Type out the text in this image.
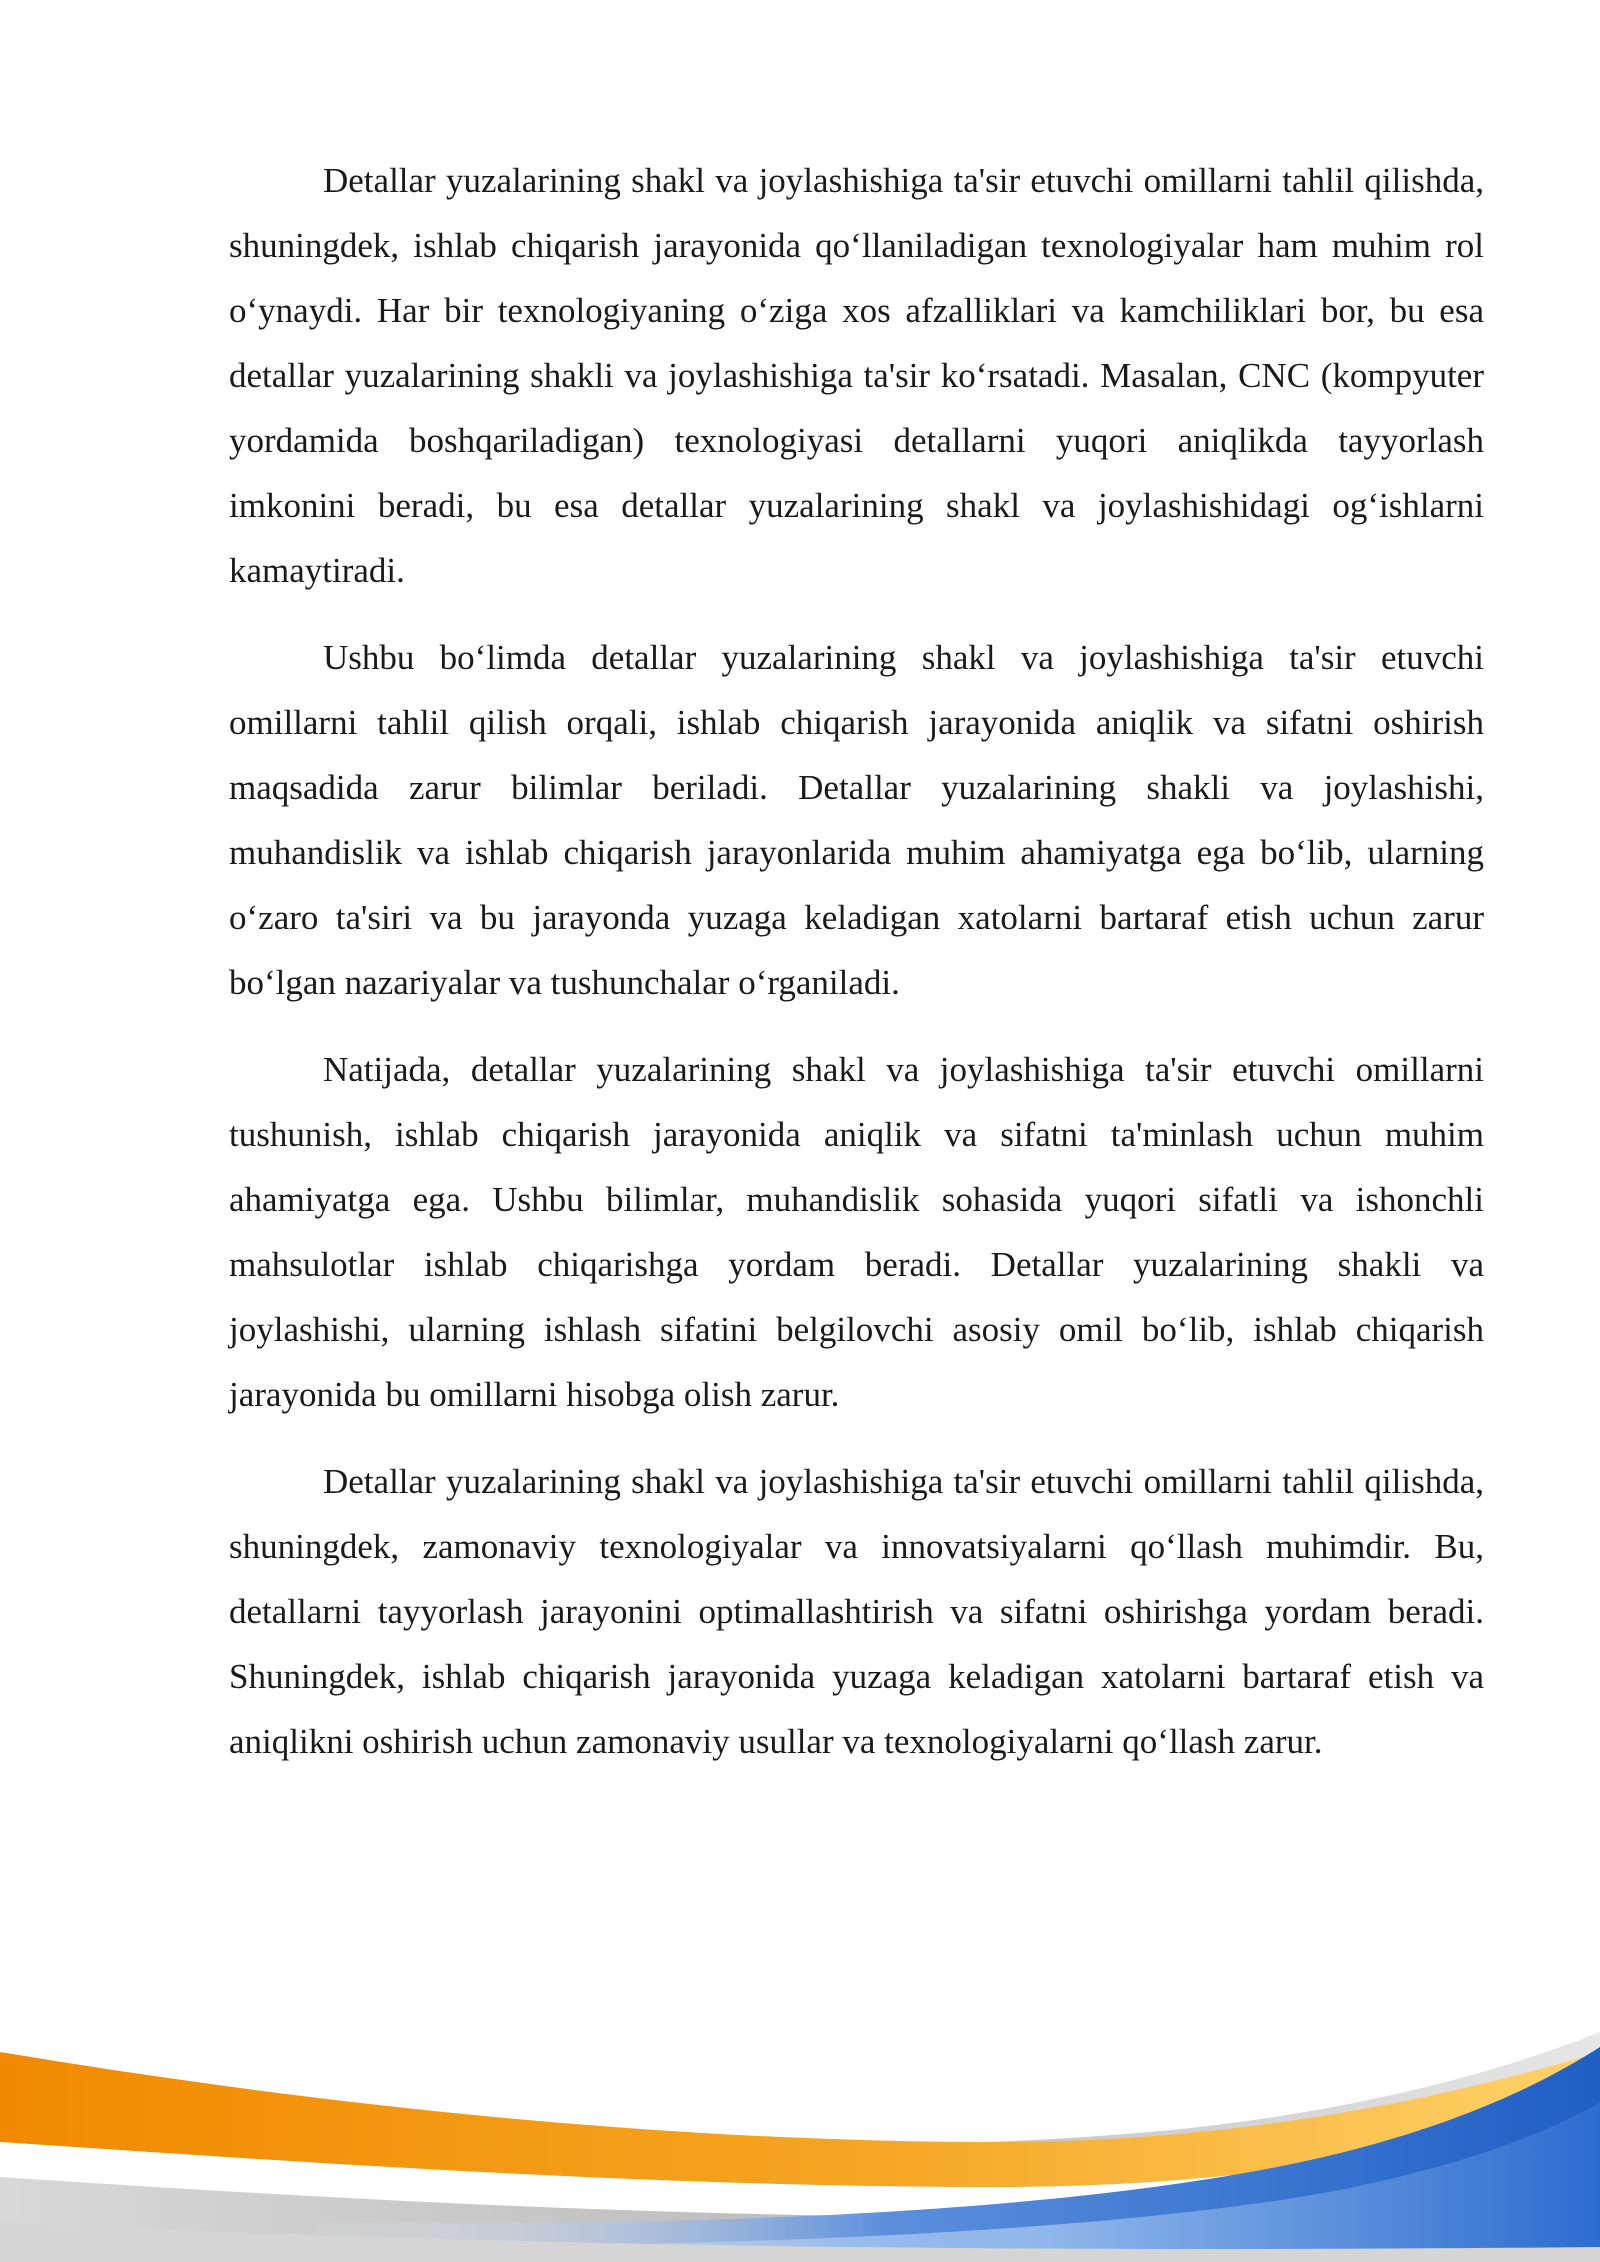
Detallar yuzalarining shakl va joylashishiga ta'sir etuvchi omillarni tahlil qilishda, shuningdek, ishlab chiqarish jarayonida qo‘llaniladigan texnologiyalar ham muhim rol o‘ynaydi. Har bir texnologiyaning o‘ziga xos afzalliklari va kamchiliklari bor, bu esa detallar yuzalarining shakli va joylashishiga ta'sir ko‘rsatadi. Masalan, CNC (kompyuter yordamida boshqariladigan) texnologiyasi detallarni yuqori aniqlikda tayyorlash imkonini beradi, bu esa detallar yuzalarining shakl va joylashishidagi og‘ishlarni kamaytiradi.

Ushbu bo‘limda detallar yuzalarining shakl va joylashishiga ta'sir etuvchi omillarni tahlil qilish orqali, ishlab chiqarish jarayonida aniqlik va sifatni oshirish maqsadida zarur bilimlar beriladi. Detallar yuzalarining shakli va joylashishi, muhandislik va ishlab chiqarish jarayonlarida muhim ahamiyatga ega bo‘lib, ularning o‘zaro ta'siri va bu jarayonda yuzaga keladigan xatolarni bartaraf etish uchun zarur bo‘lgan nazariyalar va tushunchalar o‘rganiladi.

Natijada, detallar yuzalarining shakl va joylashishiga ta'sir etuvchi omillarni tushunish, ishlab chiqarish jarayonida aniqlik va sifatni ta'minlash uchun muhim ahamiyatga ega. Ushbu bilimlar, muhandislik sohasida yuqori sifatli va ishonchli mahsulotlar ishlab chiqarishga yordam beradi. Detallar yuzalarining shakli va joylashishi, ularning ishlash sifatini belgilovchi asosiy omil bo‘lib, ishlab chiqarish jarayonida bu omillarni hisobga olish zarur.

Detallar yuzalarining shakl va joylashishiga ta'sir etuvchi omillarni tahlil qilishda, shuningdek, zamonaviy texnologiyalar va innovatsiyalarni qo‘llash muhimdir. Bu, detallarni tayyorlash jarayonini optimallashtirish va sifatni oshirishga yordam beradi. Shuningdek, ishlab chiqarish jarayonida yuzaga keladigan xatolarni bartaraf etish va aniqlikni oshirish uchun zamonaviy usullar va texnologiyalarni qo‘llash zarur.
